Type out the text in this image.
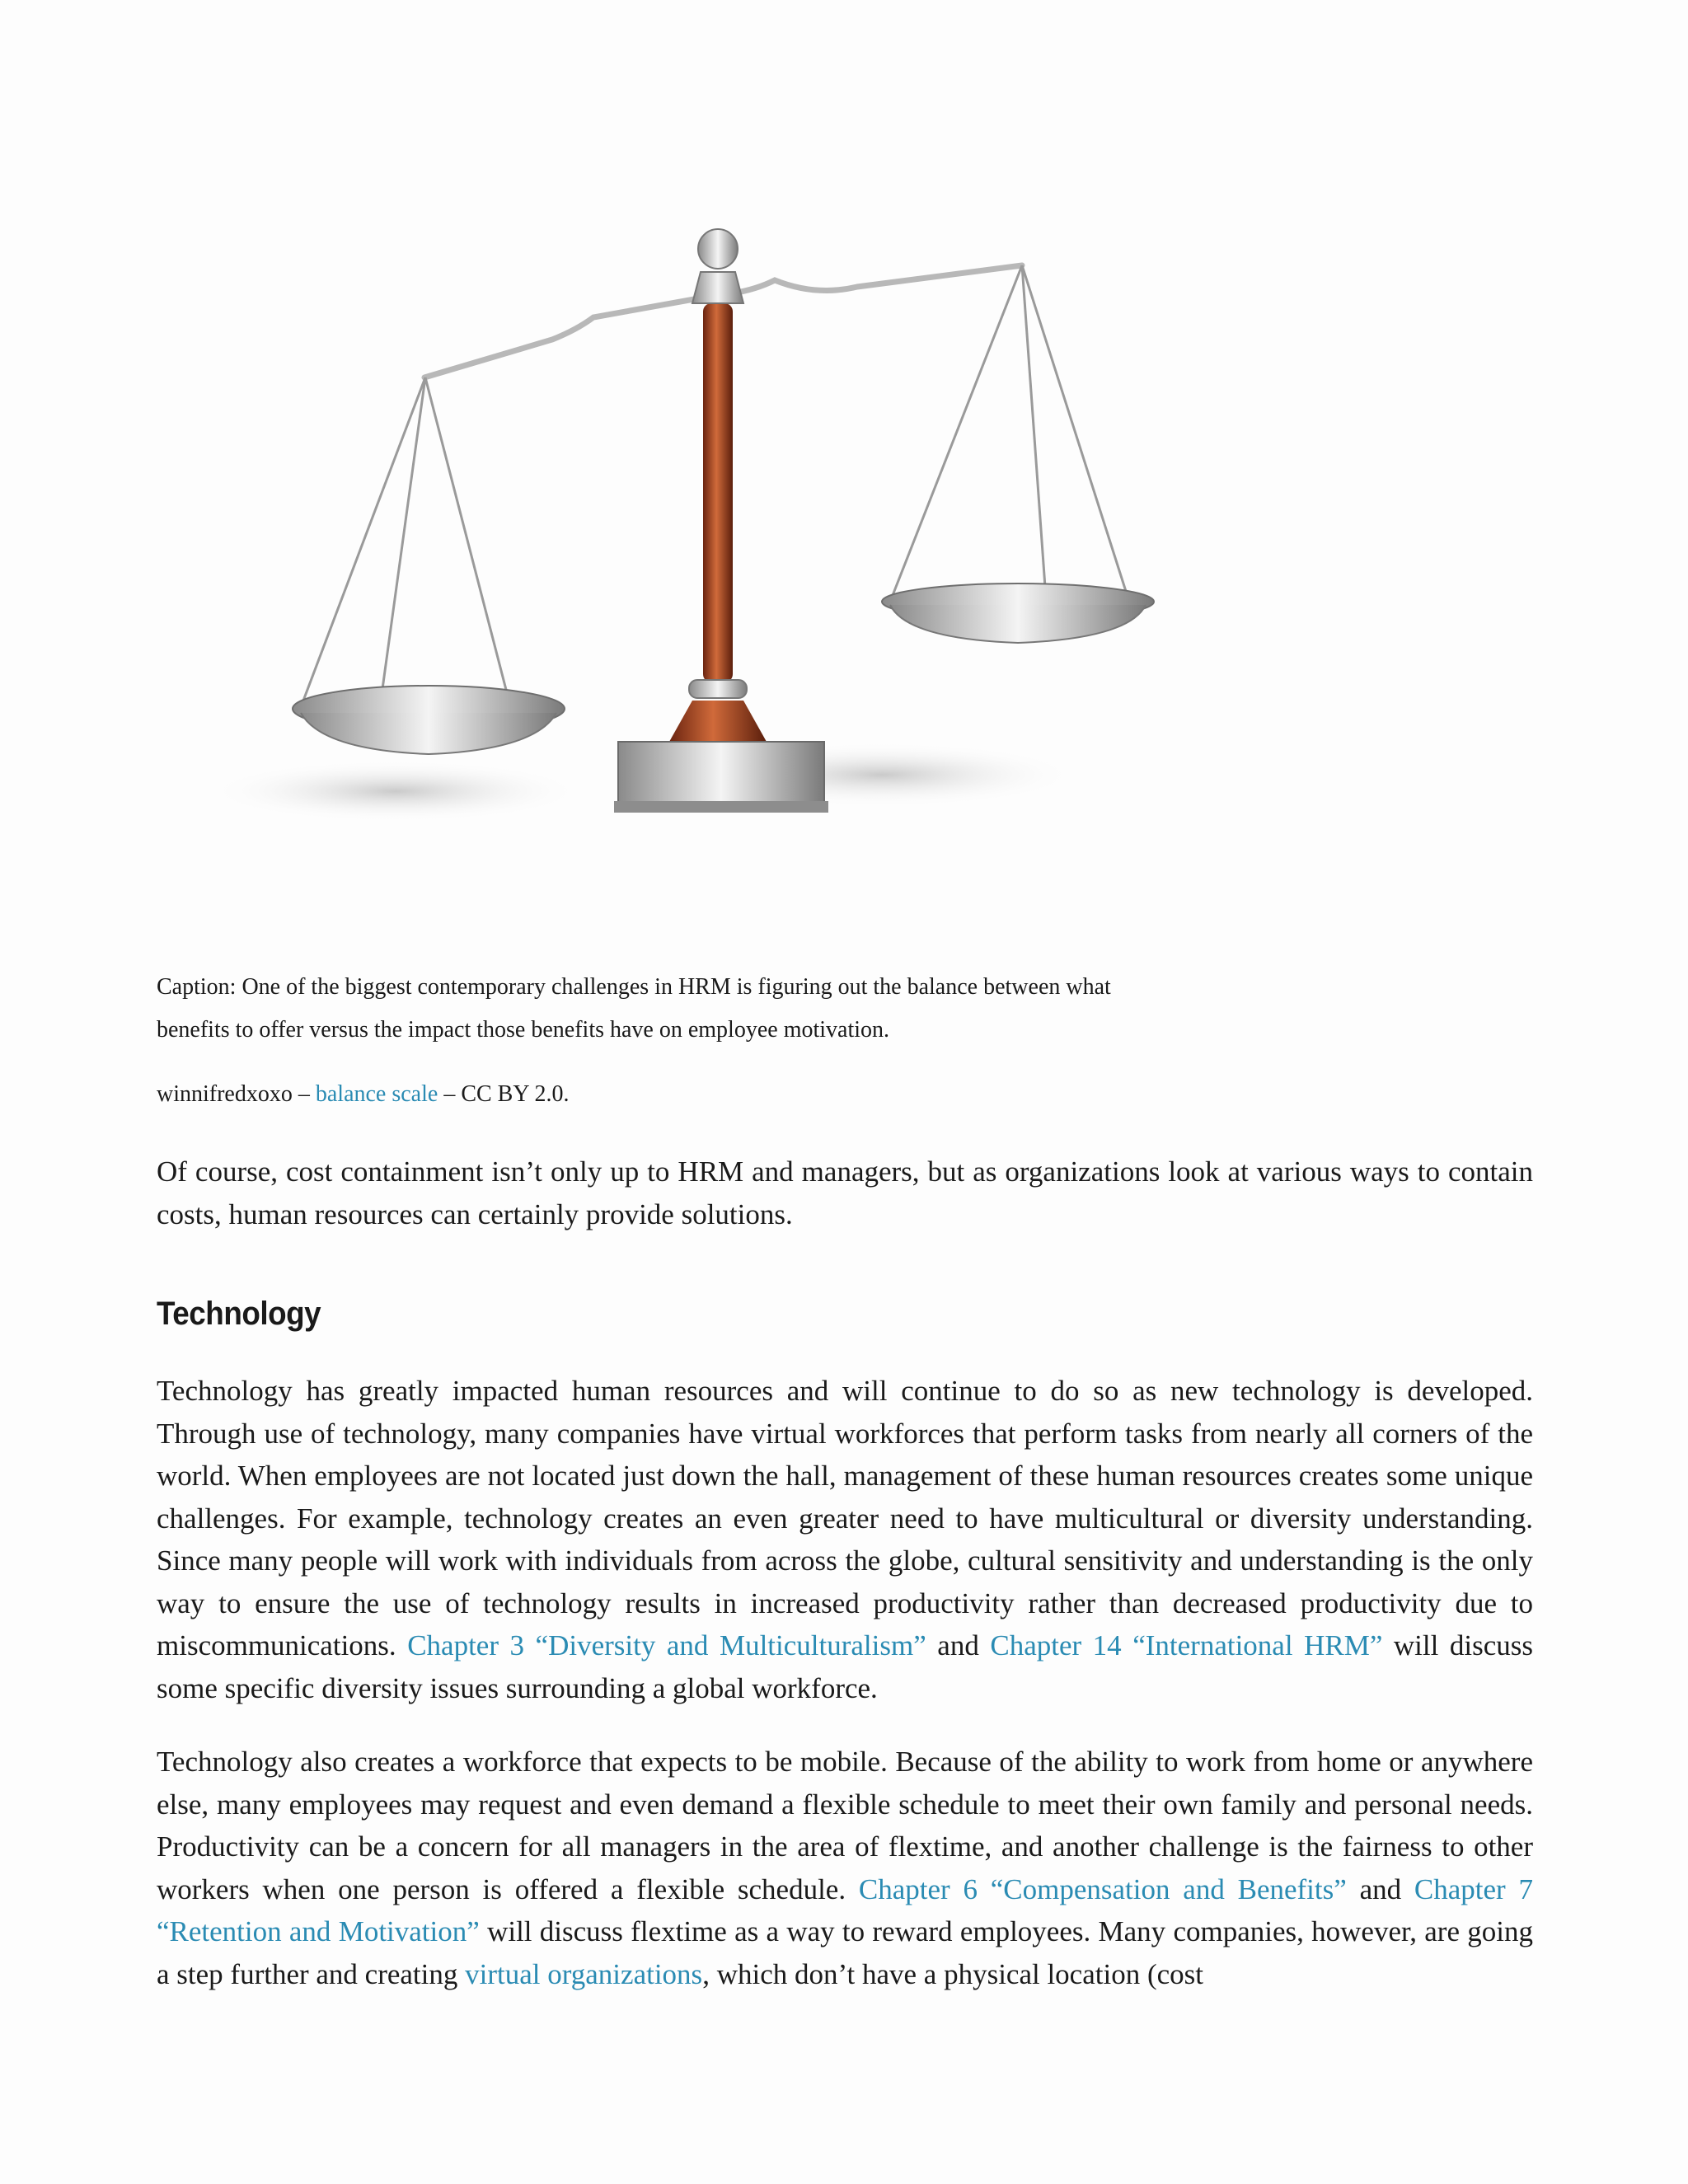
Caption: One of the biggest contemporary challenges in HRM is figuring out the balance between what
benefits to offer versus the impact those benefits have on employee motivation.
winnifredxoxo – balance scale – CC BY 2.0.

Of course, cost containment isn’t only up to HRM and managers, but as organizations look at various ways to contain costs, human resources can certainly provide solutions.

Technology

Technology has greatly impacted human resources and will continue to do so as new technology is developed. Through use of technology, many companies have virtual workforces that perform tasks from nearly all corners of the world. When employees are not located just down the hall, management of these human resources creates some unique challenges. For example, technology creates an even greater need to have multicultural or diversity understanding. Since many people will work with individuals from across the globe, cultural sensitivity and understanding is the only way to ensure the use of technology results in increased productivity rather than decreased productivity due to miscommunications. Chapter 3 “Diversity and Multiculturalism” and Chapter 14 “International HRM” will discuss some specific diversity issues surrounding a global workforce.

Technology also creates a workforce that expects to be mobile. Because of the ability to work from home or anywhere else, many employees may request and even demand a flexible schedule to meet their own family and personal needs. Productivity can be a concern for all managers in the area of flextime, and another challenge is the fairness to other workers when one person is offered a flexible schedule. Chapter 6 “Compensation and Benefits” and Chapter 7 “Retention and Motivation” will discuss flextime as a way to reward employees. Many companies, however, are going a step further and creating virtual organizations, which don’t have a physical location (cost
